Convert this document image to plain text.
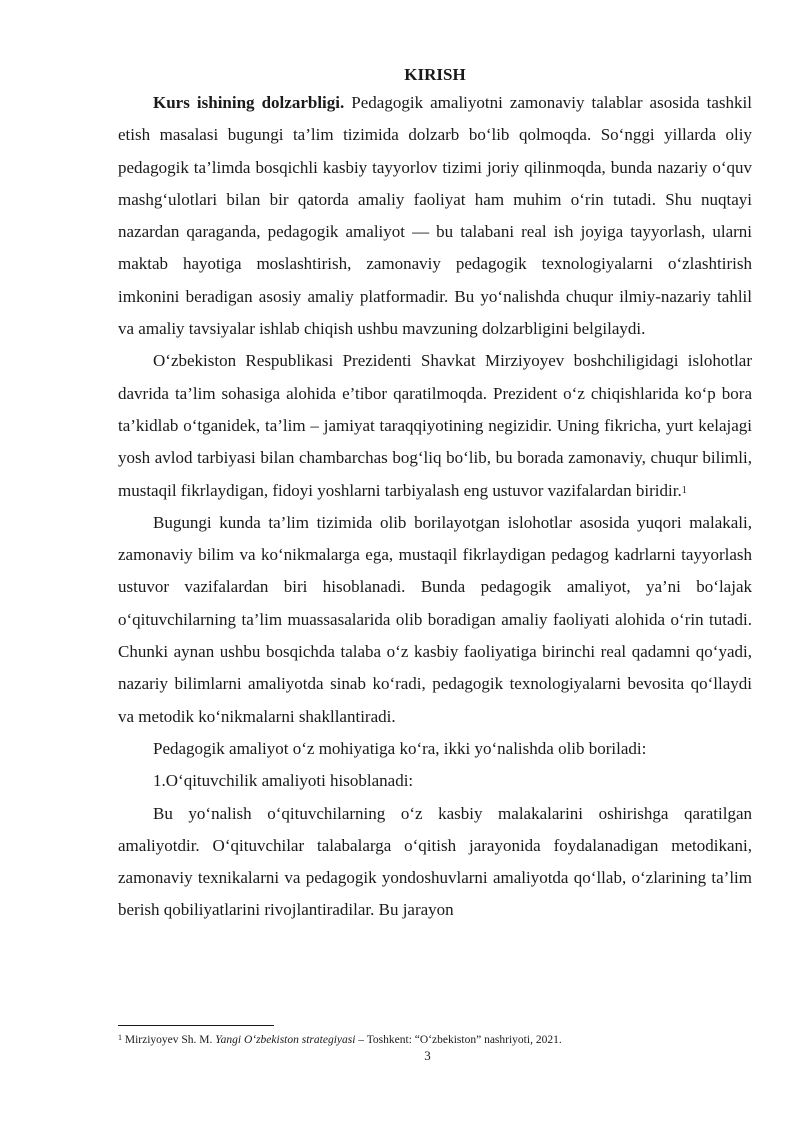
KIRISH

Kurs ishining dolzarbligi. Pedagogik amaliyotni zamonaviy talablar asosida tashkil etish masalasi bugungi ta’lim tizimida dolzarb bo‘lib qolmoqda. So‘nggi yillarda oliy pedagogik ta’limda bosqichli kasbiy tayyorlov tizimi joriy qilinmoqda, bunda nazariy o‘quv mashg‘ulotlari bilan bir qatorda amaliy faoliyat ham muhim o‘rin tutadi. Shu nuqtayi nazardan qaraganda, pedagogik amaliyot — bu talabani real ish joyiga tayyorlash, ularni maktab hayotiga moslashtirish, zamonaviy pedagogik texnologiyalarni o‘zlashtirish imkonini beradigan asosiy amaliy platformadir. Bu yo‘nalishda chuqur ilmiy-nazariy tahlil va amaliy tavsiyalar ishlab chiqish ushbu mavzuning dolzarbligini belgilaydi.

O‘zbekiston Respublikasi Prezidenti Shavkat Mirziyoyev boshchiligidagi islohotlar davrida ta’lim sohasiga alohida e’tibor qaratilmoqda. Prezident o‘z chiqishlarida ko‘p bora ta’kidlab o‘tganidek, ta’lim – jamiyat taraqqiyotining negizidir. Uning fikricha, yurt kelajagi yosh avlod tarbiyasi bilan chambarchas bog‘liq bo‘lib, bu borada zamonaviy, chuqur bilimli, mustaqil fikrlaydigan, fidoyi yoshlarni tarbiyalash eng ustuvor vazifalardan biridir.$^1$

Bugungi kunda ta’lim tizimida olib borilayotgan islohotlar asosida yuqori malakali, zamonaviy bilim va ko‘nikmalarga ega, mustaqil fikrlaydigan pedagog kadrlarni tayyorlash ustuvor vazifalardan biri hisoblanadi. Bunda pedagogik amaliyot, ya’ni bo‘lajak o‘qituvchilarning ta’lim muassasalarida olib boradigan amaliy faoliyati alohida o‘rin tutadi. Chunki aynan ushbu bosqichda talaba o‘z kasbiy faoliyatiga birinchi real qadamni qo‘yadi, nazariy bilimlarni amaliyotda sinab ko‘radi, pedagogik texnologiyalarni bevosita qo‘llaydi va metodik ko‘nikmalarni shakllantiradi.

Pedagogik amaliyot o‘z mohiyatiga ko‘ra, ikki yo‘nalishda olib boriladi:

1.O‘qituvchilik amaliyoti hisoblanadi:

Bu yo‘nalish o‘qituvchilarning o‘z kasbiy malakalarini oshirishga qaratilgan amaliyotdir. O‘qituvchilar talabalarga o‘qitish jarayonida foydalanadigan metodikani, zamonaviy texnikalarni va pedagogik yondoshuvlarni amaliyotda qo‘llab, o‘zlarining ta’lim berish qobiliyatlarini rivojlantiradilar. Bu jarayon

$^1$ Mirziyoyev Sh. M. Yangi O‘zbekiston strategiyasi – Toshkent: “O‘zbekiston” nashriyoti, 2021.
3
